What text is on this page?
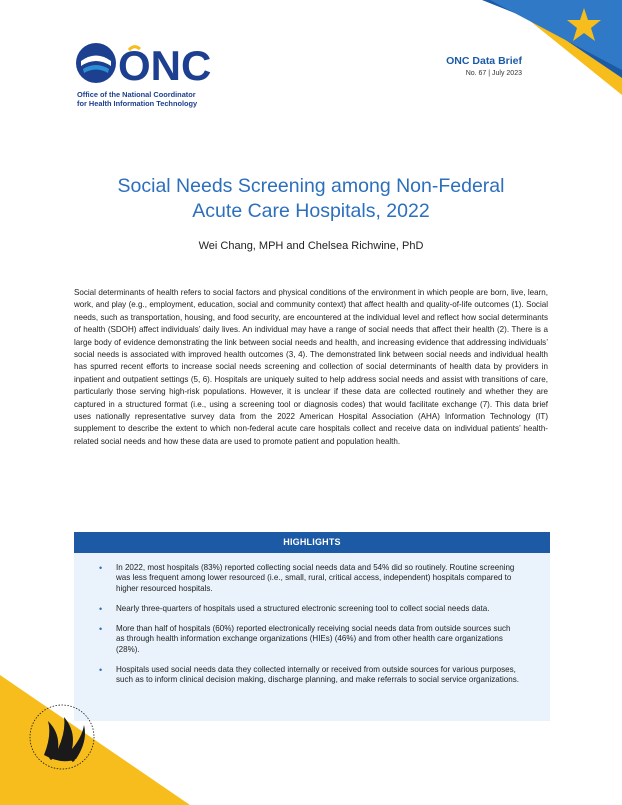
ONC
Office of the National Coordinator
for Health Information Technology
ONC Data Brief
No. 67 | July 2023
Social Needs Screening among Non-Federal
Acute Care Hospitals, 2022
Wei Chang, MPH and Chelsea Richwine, PhD
Social determinants of health refers to social factors and physical conditions of the environment in which people are born, live, learn, work, and play (e.g., employment, education, social and community context) that affect health and quality-of-life outcomes (1). Social needs, such as transportation, housing, and food security, are encountered at the individual level and reflect how social determinants of health (SDOH) affect individuals’ daily lives. An individual may have a range of social needs that affect their health (2). There is a large body of evidence demonstrating the link between social needs and health, and increasing evidence that addressing individuals’ social needs is associated with improved health outcomes (3, 4). The demonstrated link between social needs and individual health has spurred recent efforts to increase social needs screening and collection of social determinants of health data by providers in inpatient and outpatient settings (5, 6). Hospitals are uniquely suited to help address social needs and assist with transitions of care, particularly those serving high-risk populations. However, it is unclear if these data are collected routinely and whether they are captured in a structured format (i.e., using a screening tool or diagnosis codes) that would facilitate exchange (7). This data brief uses nationally representative survey data from the 2022 American Hospital Association (AHA) Information Technology (IT) supplement to describe the extent to which non-federal acute care hospitals collect and receive data on individual patients’ health-related social needs and how these data are used to promote patient and population health.
HIGHLIGHTS
• In 2022, most hospitals (83%) reported collecting social needs data and 54% did so routinely. Routine screening was less frequent among lower resourced (i.e., small, rural, critical access, independent) hospitals compared to higher resourced hospitals.
• Nearly three-quarters of hospitals used a structured electronic screening tool to collect social needs data.
• More than half of hospitals (60%) reported electronically receiving social needs data from outside sources such as through health information exchange organizations (HIEs) (46%) and from other health care organizations (28%).
• Hospitals used social needs data they collected internally or received from outside sources for various purposes, such as to inform clinical decision making, discharge planning, and make referrals to social service organizations.
